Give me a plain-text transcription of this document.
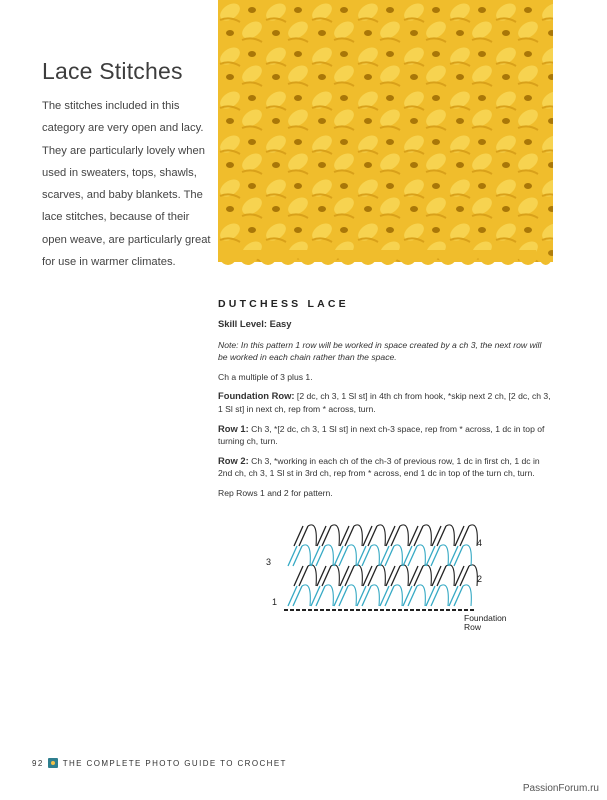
Lace Stitches
The stitches included in this category are very open and lacy. They are particularly lovely when used in sweaters, tops, shawls, scarves, and baby blankets. The lace stitches, because of their open weave, are particularly great for use in warmer climates.
DUTCHESS LACE

Skill Level: Easy

Note: In this pattern 1 row will be worked in space created by a ch 3, the next row will be worked in each chain rather than the space.

Ch a multiple of 3 plus 1.

Foundation Row: [2 dc, ch 3, 1 Sl st] in 4th ch from hook, *skip next 2 ch, [2 dc, ch 3, 1 Sl st] in next ch, rep from * across, turn.

Row 1: Ch 3, *[2 dc, ch 3, 1 Sl st] in next ch-3 space, rep from * across, 1 dc in top of turning ch, turn.

Row 2: Ch 3, *working in each ch of the ch-3 of previous row, 1 dc in first ch, 1 dc in 2nd ch, ch 3, 1 Sl st in 3rd ch, rep from * across, end 1 dc in top of the turn ch, turn.

Rep Rows 1 and 2 for pattern.

4
3
2
1
Foundation
Row
92 THE COMPLETE PHOTO GUIDE TO CROCHET
PassionForum.ru
